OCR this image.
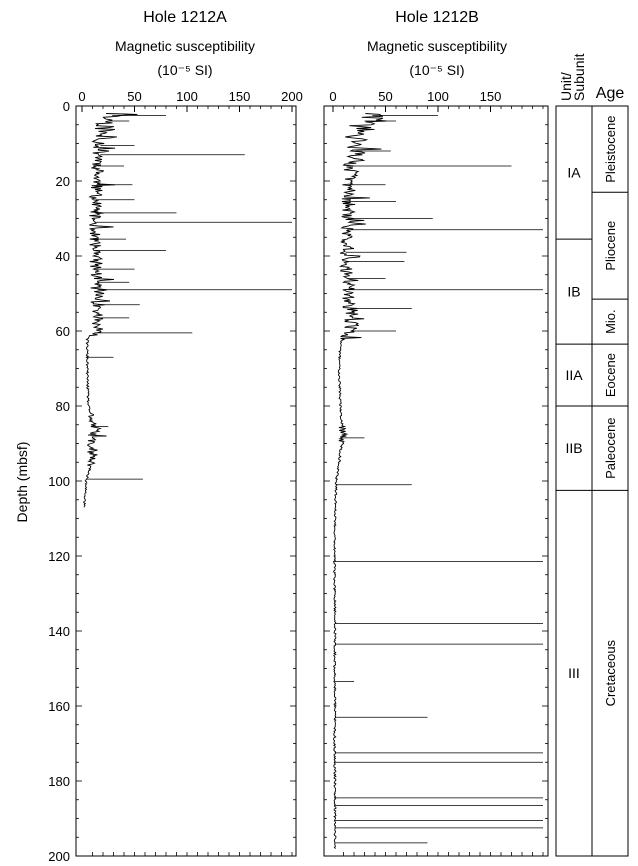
Hole 1212A
Magnetic susceptibility
(10⁻⁵ SI)
Hole 1212B
Magnetic susceptibility
(10⁻⁵ SI)
Depth (mbsf)
0	50	100 150 200
0
20
40
60
80
100
120
140
160
180
200
0	50	100 150	Unit/
Subunit Age
IA
IB
IIA
IIB
III
Pleistocene
Pliocene
Mio.
Eocene
Paleocene
Cretaceous
